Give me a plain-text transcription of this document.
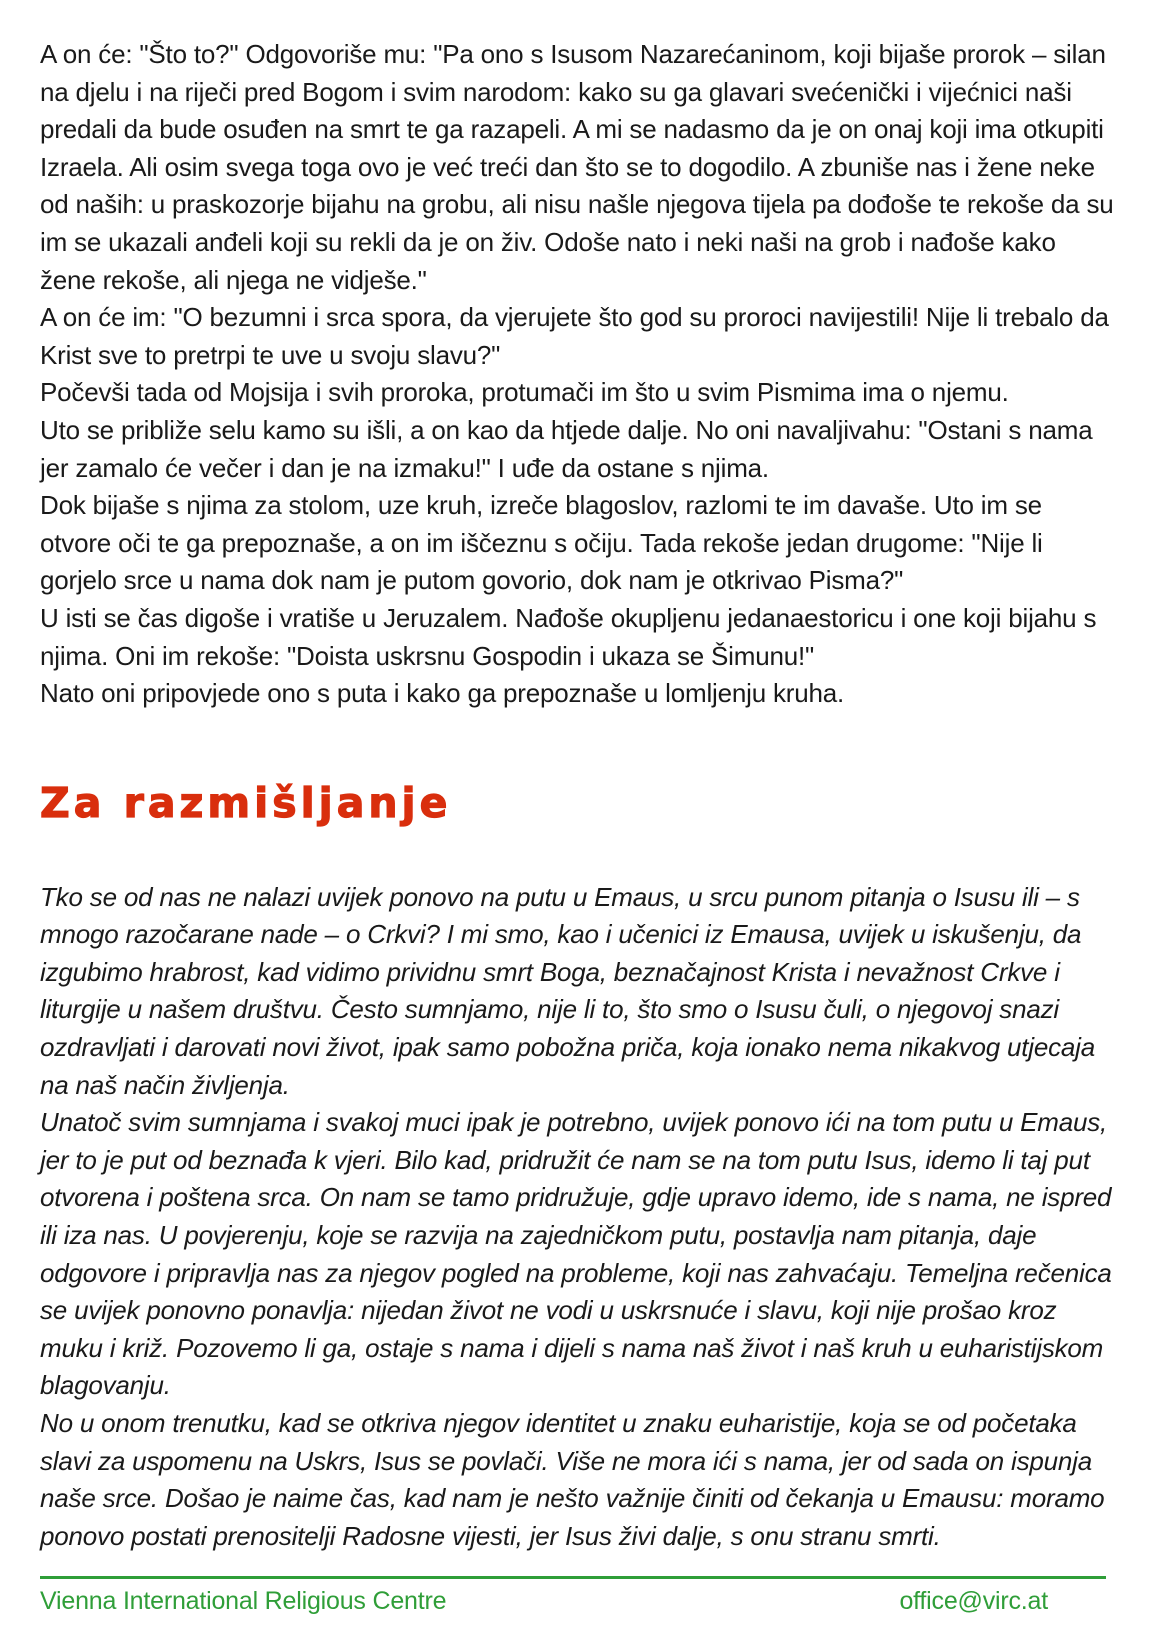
A on će: "Što to?" Odgovoriše mu: "Pa ono s Isusom Nazarećaninom, koji bijaše prorok – silan na djelu i na riječi pred Bogom i svim narodom: kako su ga glavari svećenički i vijećnici naši predali da bude osuđen na smrt te ga razapeli. A mi se nadasmo da je on onaj koji ima otkupiti Izraela. Ali osim svega toga ovo je već treći dan što se to dogodilo. A zbuniše nas i žene neke od naših: u praskozorje bijahu na grobu, ali nisu našle njegova tijela pa dođoše te rekoše da su im se ukazali anđeli koji su rekli da je on živ. Odoše nato i neki naši na grob i nađoše kako žene rekoše, ali njega ne vidješe."

A on će im: "O bezumni i srca spora, da vjerujete što god su proroci navijestili! Nije li trebalo da Krist sve to pretrpi te uve u svoju slavu?"

Počevši tada od Mojsija i svih proroka, protumači im što u svim Pismima ima o njemu.

Uto se približe selu kamo su išli, a on kao da htjede dalje. No oni navaljivahu: "Ostani s nama jer zamalo će večer i dan je na izmaku!" I uđe da ostane s njima.

Dok bijaše s njima za stolom, uze kruh, izreče blagoslov, razlomi te im davaše. Uto im se otvore oči te ga prepoznaše, a on im iščeznu s očiju. Tada rekoše jedan drugome: "Nije li gorjelo srce u nama dok nam je putom govorio, dok nam je otkrivao Pisma?"

U isti se čas digoše i vratiše u Jeruzalem. Nađoše okupljenu jedanaestoricu i one koji bijahu s njima. Oni im rekoše: "Doista uskrsnu Gospodin i ukaza se Šimunu!"

Nato oni pripovjede ono s puta i kako ga prepoznaše u lomljenju kruha.

Za razmišljanje

Tko se od nas ne nalazi uvijek ponovo na putu u Emaus, u srcu punom pitanja o Isusu ili – s mnogo razočarane nade – o Crkvi? I mi smo, kao i učenici iz Emausa, uvijek u iskušenju, da izgubimo hrabrost, kad vidimo prividnu smrt Boga, beznačajnost Krista i nevažnost Crkve i liturgije u našem društvu. Često sumnjamo, nije li to, što smo o Isusu čuli, o njegovoj snazi ozdravljati i darovati novi život, ipak samo pobožna priča, koja ionako nema nikakvog utjecaja na naš način življenja.

Unatoč svim sumnjama i svakoj muci ipak je potrebno, uvijek ponovo ići na tom putu u Emaus, jer to je put od beznađa k vjeri. Bilo kad, pridružit će nam se na tom putu Isus, idemo li taj put otvorena i poštena srca. On nam se tamo pridružuje, gdje upravo idemo, ide s nama, ne ispred ili iza nas. U povjerenju, koje se razvija na zajedničkom putu, postavlja nam pitanja, daje odgovore i pripravlja nas za njegov pogled na probleme, koji nas zahvaćaju. Temeljna rečenica se uvijek ponovno ponavlja: nijedan život ne vodi u uskrsnuće i slavu, koji nije prošao kroz muku i križ. Pozovemo li ga, ostaje s nama i dijeli s nama naš život i naš kruh u euharistijskom blagovanju.

No u onom trenutku, kad se otkriva njegov identitet u znaku euharistije, koja se od početaka slavi za uspomenu na Uskrs, Isus se povlači. Više ne mora ići s nama, jer od sada on ispunja naše srce. Došao je naime čas, kad nam je nešto važnije činiti od čekanja u Emausu: moramo ponovo postati prenositelji Radosne vijesti, jer Isus živi dalje, s onu stranu smrti.

Vienna International Religious Centre	office@virc.at
